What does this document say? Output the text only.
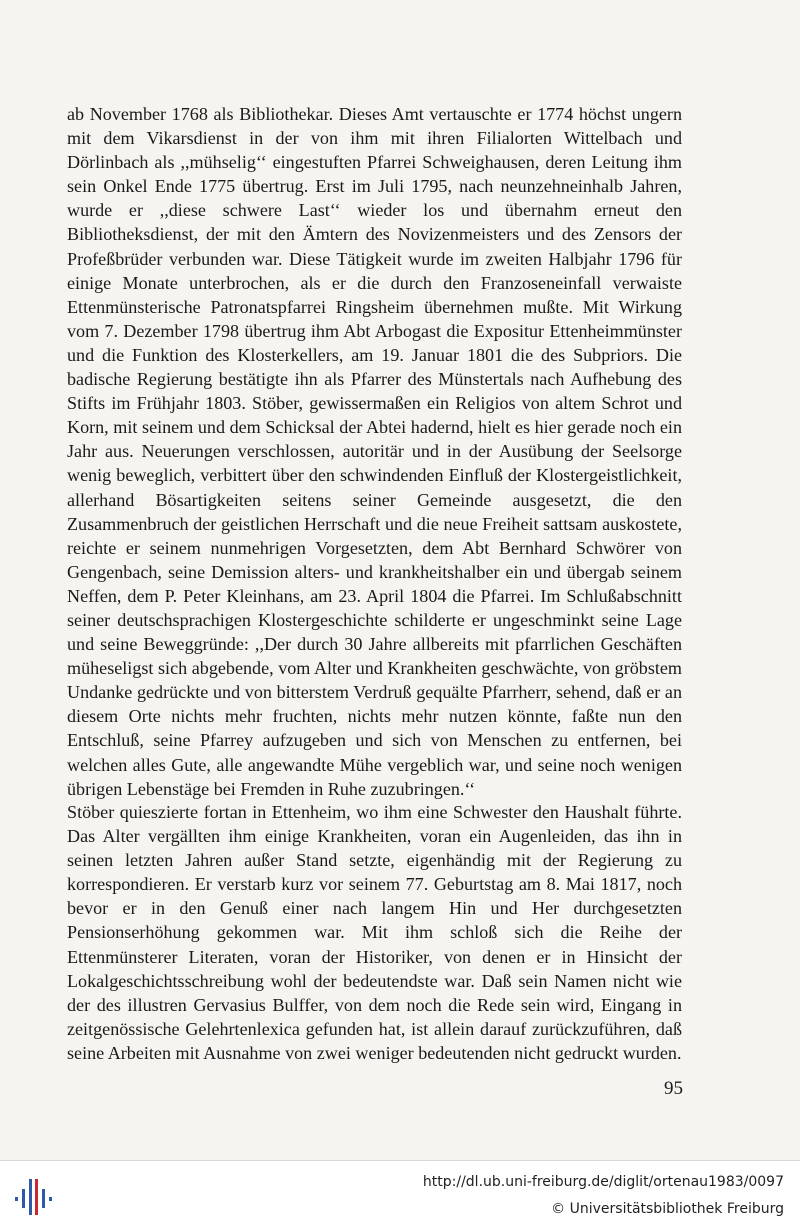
ab November 1768 als Bibliothekar. Dieses Amt vertauschte er 1774 höchst ungern mit dem Vikarsdienst in der von ihm mit ihren Filialorten Wittelbach und Dörlinbach als ,,mühselig‘‘ eingestuften Pfarrei Schweighausen, deren Leitung ihm sein Onkel Ende 1775 übertrug. Erst im Juli 1795, nach neunzehneinhalb Jahren, wurde er ,,diese schwere Last‘‘ wieder los und übernahm erneut den Bibliotheksdienst, der mit den Ämtern des Novizenmeisters und des Zensors der Profeßbrüder verbunden war. Diese Tätigkeit wurde im zweiten Halbjahr 1796 für einige Monate unterbrochen, als er die durch den Franzoseneinfall verwaiste Ettenmünsterische Patronatspfarrei Ringsheim übernehmen mußte. Mit Wirkung vom 7. Dezember 1798 übertrug ihm Abt Arbogast die Expositur Ettenheimmünster und die Funktion des Klosterkellers, am 19. Januar 1801 die des Subpriors. Die badische Regierung bestätigte ihn als Pfarrer des Münstertals nach Aufhebung des Stifts im Frühjahr 1803. Stöber, gewissermaßen ein Religios von altem Schrot und Korn, mit seinem und dem Schicksal der Abtei hadernd, hielt es hier gerade noch ein Jahr aus. Neuerungen verschlossen, autoritär und in der Ausübung der Seelsorge wenig beweglich, verbittert über den schwindenden Einfluß der Klostergeistlichkeit, allerhand Bösartigkeiten seitens seiner Gemeinde ausgesetzt, die den Zusammenbruch der geistlichen Herrschaft und die neue Freiheit sattsam auskostete, reichte er seinem nunmehrigen Vorgesetzten, dem Abt Bernhard Schwörer von Gengenbach, seine Demission alters- und krankheitshalber ein und übergab seinem Neffen, dem P. Peter Kleinhans, am 23. April 1804 die Pfarrei. Im Schlußabschnitt seiner deutschsprachigen Klostergeschichte schilderte er ungeschminkt seine Lage und seine Beweggründe: ,,Der durch 30 Jahre allbereits mit pfarrlichen Geschäften müheseligst sich abgebende, vom Alter und Krankheiten geschwächte, von gröbstem Undanke gedrückte und von bitterstem Verdruß gequälte Pfarrherr, sehend, daß er an diesem Orte nichts mehr fruchten, nichts mehr nutzen könnte, faßte nun den Entschluß, seine Pfarrey aufzugeben und sich von Menschen zu entfernen, bei welchen alles Gute, alle angewandte Mühe vergeblich war, und seine noch wenigen übrigen Lebenstäge bei Fremden in Ruhe zuzubringen.‘‘

Stöber quieszierte fortan in Ettenheim, wo ihm eine Schwester den Haushalt führte. Das Alter vergällten ihm einige Krankheiten, voran ein Augenleiden, das ihn in seinen letzten Jahren außer Stand setzte, eigenhändig mit der Regierung zu korrespondieren. Er verstarb kurz vor seinem 77. Geburtstag am 8. Mai 1817, noch bevor er in den Genuß einer nach langem Hin und Her durchgesetzten Pensionserhöhung gekommen war. Mit ihm schloß sich die Reihe der Ettenmünsterer Literaten, voran der Historiker, von denen er in Hinsicht der Lokalgeschichtsschreibung wohl der bedeutendste war. Daß sein Namen nicht wie der des illustren Gervasius Bulffer, von dem noch die Rede sein wird, Eingang in zeitgenössische Gelehrtenlexica gefunden hat, ist allein darauf zurückzuführen, daß seine Arbeiten mit Ausnahme von zwei weniger bedeutenden nicht gedruckt wurden.

95
http://dl.ub.uni-freiburg.de/diglit/ortenau1983/0097
© Universitätsbibliothek Freiburg
